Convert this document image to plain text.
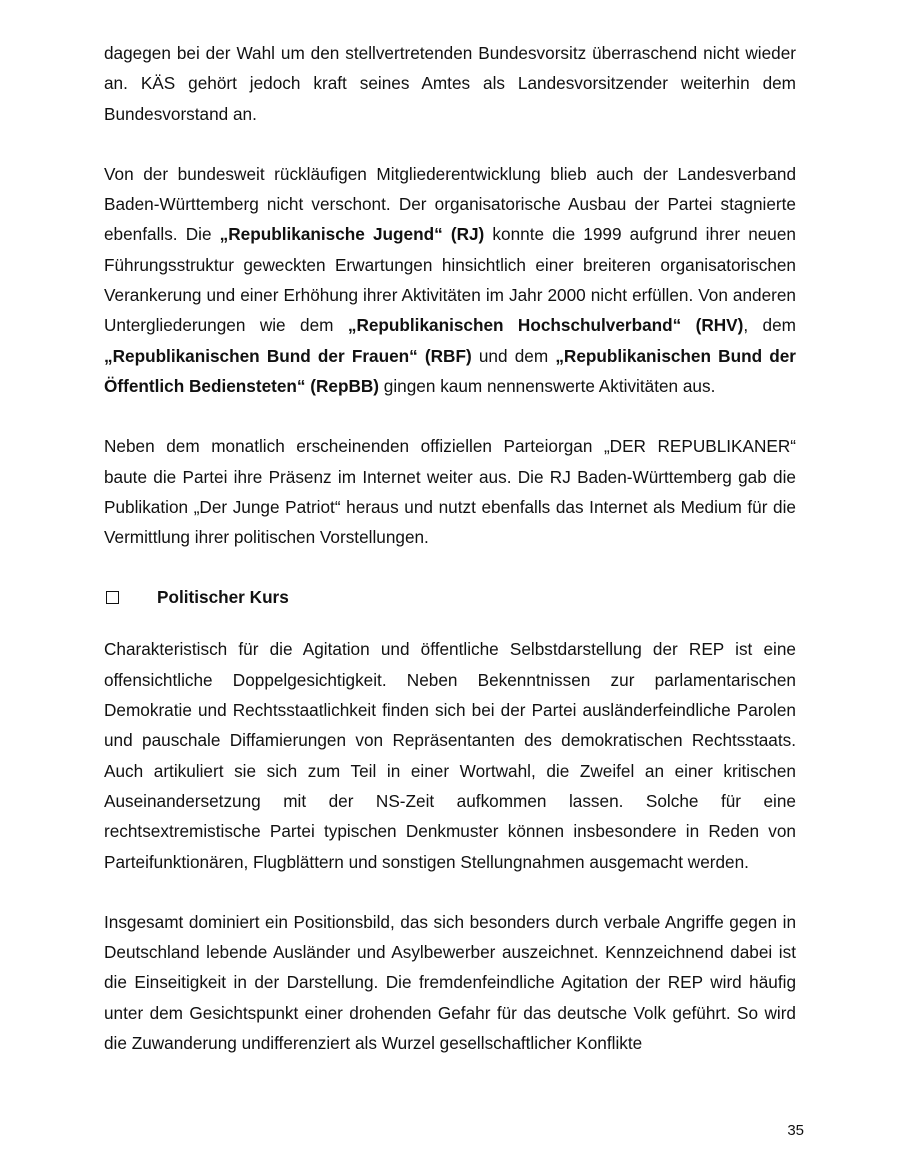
dagegen bei der Wahl um den stellvertretenden Bundesvorsitz überraschend nicht wieder an. KÄS gehört jedoch kraft seines Amtes als Landesvorsitzender weiterhin dem Bundesvorstand an.

Von der bundesweit rückläufigen Mitgliederentwicklung blieb auch der Landesverband Baden-Württemberg nicht verschont. Der organisatorische Ausbau der Partei stagnierte ebenfalls. Die „Republikanische Jugend“ (RJ) konnte die 1999 aufgrund ihrer neuen Führungsstruktur geweckten Erwartungen hinsichtlich einer breiteren organisatorischen Verankerung und einer Erhöhung ihrer Aktivitäten im Jahr 2000 nicht erfüllen. Von anderen Untergliederungen wie dem „Republikanischen Hochschulverband“ (RHV), dem „Republikanischen Bund der Frauen“ (RBF) und dem „Republikanischen Bund der Öffentlich Bediensteten“ (RepBB) gingen kaum nennenswerte Aktivitäten aus.

Neben dem monatlich erscheinenden offiziellen Parteiorgan „DER REPUBLIKANER“ baute die Partei ihre Präsenz im Internet weiter aus. Die RJ Baden-Württemberg gab die Publikation „Der Junge Patriot“ heraus und nutzt ebenfalls das Internet als Medium für die Vermittlung ihrer politischen Vorstellungen.

Politischer Kurs

Charakteristisch für die Agitation und öffentliche Selbstdarstellung der REP ist eine offensichtliche Doppelgesichtigkeit. Neben Bekenntnissen zur parlamentarischen Demokratie und Rechtsstaatlichkeit finden sich bei der Partei ausländerfeindliche Parolen und pauschale Diffamierungen von Repräsentanten des demokratischen Rechtsstaats. Auch artikuliert sie sich zum Teil in einer Wortwahl, die Zweifel an einer kritischen Auseinandersetzung mit der NS-Zeit aufkommen lassen. Solche für eine rechtsextremistische Partei typischen Denkmuster können insbesondere in Reden von Parteifunktionären, Flugblättern und sonstigen Stellungnahmen ausgemacht werden.

Insgesamt dominiert ein Positionsbild, das sich besonders durch verbale Angriffe gegen in Deutschland lebende Ausländer und Asylbewerber auszeichnet. Kennzeichnend dabei ist die Einseitigkeit in der Darstellung. Die fremdenfeindliche Agitation der REP wird häufig unter dem Gesichtspunkt einer drohenden Gefahr für das deutsche Volk geführt. So wird die Zuwanderung undifferenziert als Wurzel gesellschaftlicher Konflikte

35
